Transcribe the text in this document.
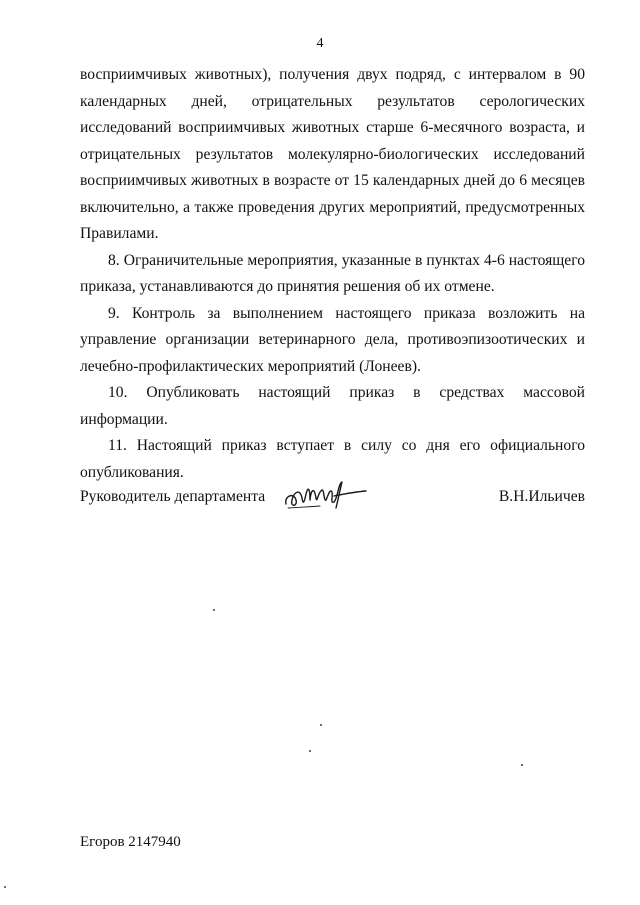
4

восприимчивых животных), получения двух подряд, с интервалом в 90 календарных дней, отрицательных результатов серологических исследований восприимчивых животных старше 6-месячного возраста, и отрицательных результатов молекулярно-биологических исследований восприимчивых животных в возрасте от 15 календарных дней до 6 месяцев включительно, а также проведения других мероприятий, предусмотренных Правилами.

8. Ограничительные мероприятия, указанные в пунктах 4-6 настоящего приказа, устанавливаются до принятия решения об их отмене.

9. Контроль за выполнением настоящего приказа возложить на управление организации ветеринарного дела, противоэпизоотических и лечебно-профилактических мероприятий (Лонеев).

10. Опубликовать настоящий приказ в средствах массовой информации.

11. Настоящий приказ вступает в силу со дня его официального опубликования.

Руководитель департамента	В.Н.Ильичев
Егоров 2147940
